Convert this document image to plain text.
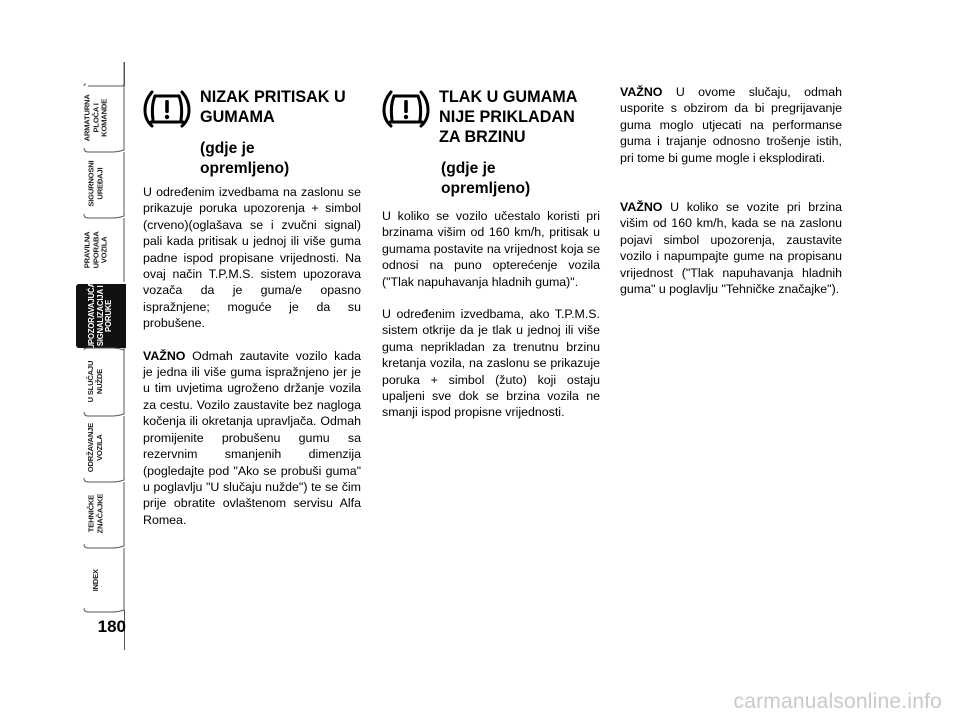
ARMATURNA
PLOČA I
KOMANDE
SIGURNOSNI
UREĐAJI
PRAVILNA
UPORABA
VOZILA
UPOZORAVAJUĆA
SIGNALIZACIJA I
PORUKE
U SLUČAJU
NUŽDE
ODRŽAVANJE
VOZILA
TEHNIČKE
ZNAČAJKE
INDEX
180
NIZAK PRITISAK U
GUMAMA
(gdje je
opremljeno)

U određenim izvedbama na zaslonu se prikazuje poruka upozorenja + simbol (crveno)(oglašava se i zvučni signal) pali kada pritisak u jednoj ili više guma padne ispod propisane vrijednosti. Na ovaj način T.P.M.S. sistem upozorava vozača da je guma/e opasno ispražnjene; moguće je da su probušene.

VAŽNO Odmah zautavite vozilo kada je jedna ili više guma ispražnjeno jer je u tim uvjetima ugroženo držanje vozila za cestu. Vozilo zaustavite bez nagloga kočenja ili okretanja upravljača. Odmah promijenite probušenu gumu sa rezervnim smanjenih dimenzija (pogledajte pod "Ako se probuši guma" u poglavlju "U slučaju nužde") te se čim prije obratite ovlaštenom servisu Alfa Romea.

TLAK U GUMAMA
NIJE PRIKLADAN
ZA BRZINU
(gdje je
opremljeno)

U koliko se vozilo učestalo koristi pri brzinama višim od 160 km/h, pritisak u gumama postavite na vrijednost koja se odnosi na puno opterećenje vozila ("Tlak napuhavanja hladnih guma)".

U određenim izvedbama, ako T.P.M.S. sistem otkrije da je tlak u jednoj ili više guma neprikladan za trenutnu brzinu kretanja vozila, na zaslonu se prikazuje poruka + simbol (žuto) koji ostaju upaljeni sve dok se brzina vozila ne smanji ispod propisne vrijednosti.

VAŽNO U ovome slučaju, odmah usporite s obzirom da bi pregrijavanje guma moglo utjecati na performanse guma i trajanje odnosno trošenje istih, pri tome bi gume mogle i eksplodirati.

VAŽNO U koliko se vozite pri brzina višim od 160 km/h, kada se na zaslonu pojavi simbol upozorenja, zaustavite vozilo i napumpajte gume na propisanu vrijednost ("Tlak napuhavanja hladnih guma" u poglavlju "Tehničke značajke").

carmanualsonline.info
